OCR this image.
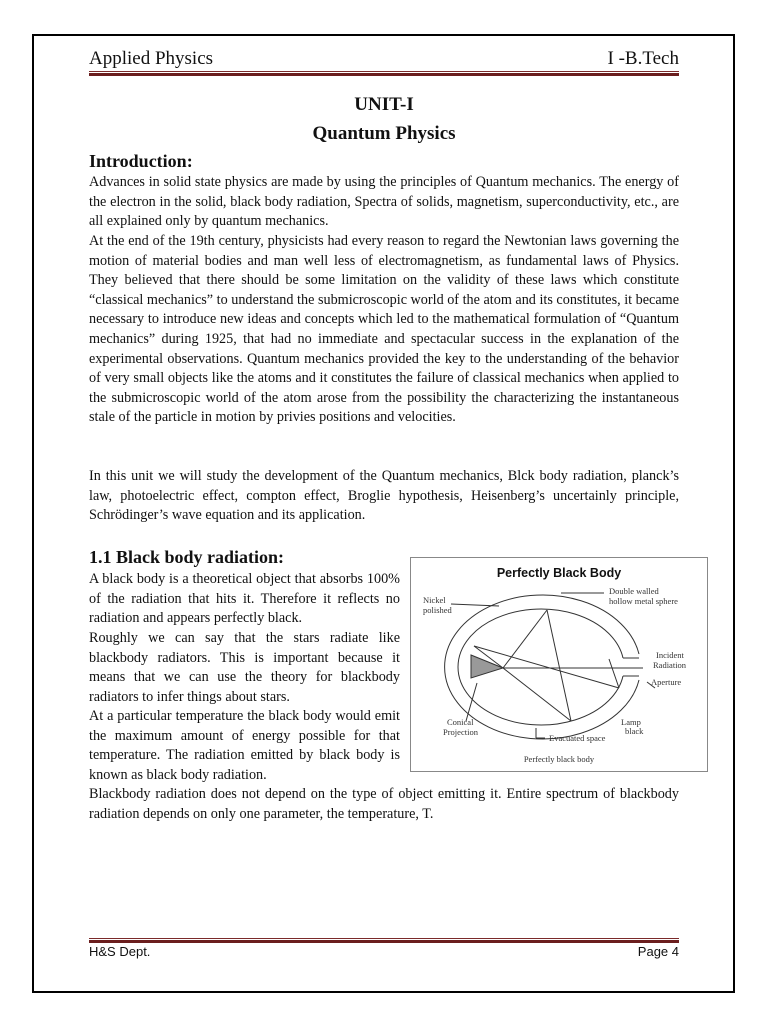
Applied Physics	I -B.Tech
UNIT-I
Quantum Physics
Introduction:

Advances in solid state physics are made by using the principles of Quantum mechanics. The energy of the electron in the solid, black body radiation, Spectra of solids, magnetism, superconductivity, etc., are all explained only by quantum mechanics.

At the end of the 19th century, physicists had every reason to regard the Newtonian laws governing the motion of material bodies and man well less of electromagnetism, as fundamental laws of Physics. They believed that there should be some limitation on the validity of these laws which constitute “classical mechanics” to understand the submicroscopic world of the atom and its constitutes, it became necessary to introduce new ideas and concepts which led to the mathematical formulation of “Quantum mechanics” during 1925, that had no immediate and spectacular success in the explanation of the experimental observations. Quantum mechanics provided the key to the understanding of the behavior of very small objects like the atoms and it constitutes the failure of classical mechanics when applied to the submicroscopic world of the atom arose from the possibility the characterizing the instantaneous stale of the particle in motion by privies positions and velocities.

In this unit we will study the development of the Quantum mechanics, Blck body radiation, planck’s law, photoelectric effect, compton effect, Broglie hypothesis, Heisenberg’s uncertainly principle, Schrödinger’s wave equation and its application.

1.1 Black body radiation:

A black body is a theoretical object that absorbs 100% of the radiation that hits it. Therefore it reflects no radiation and appears perfectly black.

Roughly we can say that the stars radiate like blackbody radiators. This is important because it means that we can use the theory for blackbody radiators to infer things about stars.

At a particular temperature the black body would emit the maximum amount of energy possible for that temperature. The radiation emitted by black body is known as black body radiation.

Blackbody radiation does not depend on the type of object emitting it. Entire spectrum of blackbody radiation depends on only one parameter, the temperature, T.

Perfectly Black Body
Nickel
polished
Double walled
hollow metal sphere
Incident
Radiation
Aperture
Conical
Projection
Lamp
black
Evacuated space
Perfectly black body
H&S Dept.	Page 4
